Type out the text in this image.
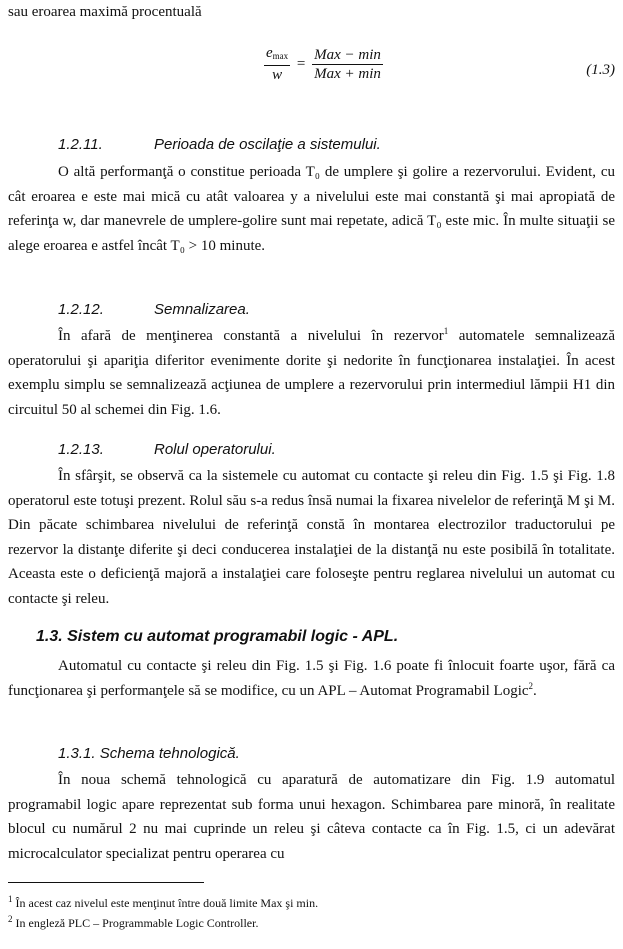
sau eroarea maximă procentuală

$\frac{e_{max}}{w} = \frac{\text{Max − min}}{\text{Max + min}}$	(1.3)
1.2.11.	Perioada de oscilaţie a sistemului.

O altă performanţă o constitue perioada T₀ de umplere şi golire a rezervorului. Evident, cu cât eroarea e este mai mică cu atât valoarea y a nivelului este mai constantă şi mai apropiată de referinţa w, dar manevrele de umplere-golire sunt mai repetate, adică T₀ este mic. În multe situaţii se alege eroarea e astfel încât T₀ > 10 minute.

1.2.12.	Semnalizarea.

În afară de menţinerea constantă a nivelului în rezervor$^1$ automatele semnalizează operatorului şi apariţia diferitor evenimente dorite şi nedorite în funcţionarea instalaţiei. În acest exemplu simplu se semnalizează acţiunea de umplere a rezervorului prin intermediul lămpii H1 din circuitul 50 al schemei din Fig. 1.6.

1.2.13.	Rolul operatorului.

În sfârşit, se observă ca la sistemele cu automat cu contacte şi releu din Fig. 1.5 şi Fig. 1.8 operatorul este totuşi prezent. Rolul său s-a redus însă numai la fixarea nivelelor de referinţă M şi M. Din păcate schimbarea nivelului de referinţă constă în montarea electrozilor traductorului pe rezervor la distanţe diferite şi deci conducerea instalaţiei de la distanţă nu este posibilă în totalitate. Aceasta este o deficienţă majoră a instalaţiei care foloseşte pentru reglarea nivelului un automat cu contacte şi releu.

1.3. Sistem cu automat programabil logic - APL.

Automatul cu contacte şi releu din Fig. 1.5 şi Fig. 1.6 poate fi înlocuit foarte uşor, fără ca funcţionarea şi performanţele să se modifice, cu un APL – Automat Programabil Logic$^2$.

1.3.1. Schema tehnologică.

În noua schemă tehnologică cu aparatură de automatizare din Fig. 1.9 automatul programabil logic apare reprezentat sub forma unui hexagon. Schimbarea pare minoră, în realitate blocul cu numărul 2 nu mai cuprinde un releu şi câteva contacte ca în Fig. 1.5, ci un adevărat microcalculator specializat pentru operarea cu

$^1$ În acest caz nivelul este menţinut între două limite Max şi min.

$^2$ In engleză PLC – Programmable Logic Controller.
